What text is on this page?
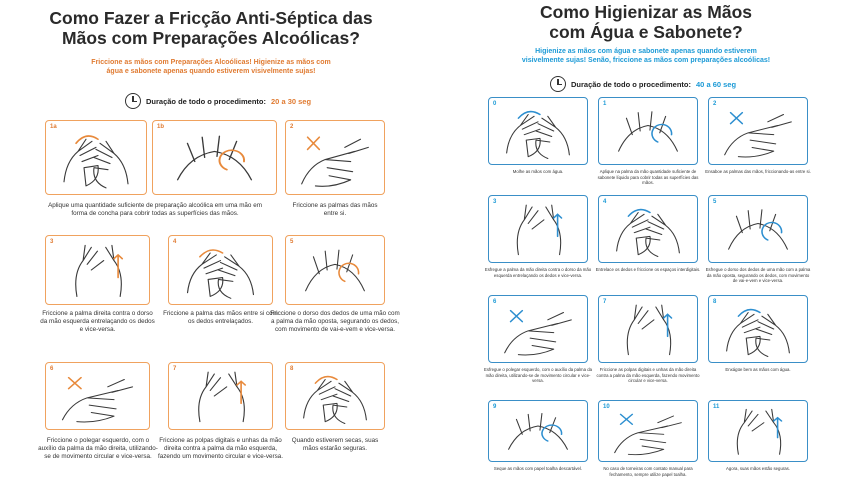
Como Fazer a Fricção Anti-Séptica das
Mãos com Preparações Alcoólicas?
Friccione as mãos com Preparações Alcoólicas! Higienize as mãos com
água e sabonete apenas quando estiverem visivelmente sujas!
Duração de todo o procedimento: 20 a 30 seg
1a	1b	2
Friccione as palmas das mãos entre si.
3
Friccione a palma direita contra o dorso da mão esquerda entrelaçando os dedos e vice-versa.
4
Friccione a palma das mãos entre si com os dedos entrelaçados.
5
Friccione o dorso dos dedos de uma mão com a palma da mão oposta, segurando os dedos, com movimento de vai-e-vem e vice-versa.
6
Friccione o polegar esquerdo, com o auxílio da palma da mão direita, utilizando-se de movimento circular e vice-versa.
7
Friccione as polpas digitais e unhas da mão direita contra a palma da mão esquerda, fazendo um movimento circular e vice-versa.
8
Quando estiverem secas, suas mãos estarão seguras.
Aplique uma quantidade suficiente de preparação alcoólica em uma mão em forma de concha para cobrir todas as superfícies das mãos.
Como Higienizar as Mãos
com Água e Sabonete?
Higienize as mãos com água e sabonete apenas quando estiverem
visivelmente sujas! Senão, friccione as mãos com preparações alcoólicas!
Duração de todo o procedimento: 40 a 60 seg
0
Molhe as mãos com água.
1
Aplique na palma da mão quantidade suficiente de sabonete líquido para cobrir todas as superfícies das mãos.
2
Ensaboe as palmas das mãos, friccionando-as entre si.
3
Esfregue a palma da mão direita contra o dorso da mão esquerda entrelaçando os dedos e vice-versa.
4
Entrelace os dedos e friccione os espaços interdigitais.
5
Esfregue o dorso dos dedos de uma mão com a palma da mão oposta, segurando os dedos, com movimento de vai-e-vem e vice-versa.
6
Esfregue o polegar esquerdo, com o auxílio da palma da mão direita, utilizando-se de movimento circular e vice-versa.
7
Friccione as polpas digitais e unhas da mão direita contra a palma da mão esquerda, fazendo movimento circular e vice-versa.
8
Enxágüe bem as mãos com água.
9
Seque as mãos com papel toalha descartável.
10
No caso de torneiras com contato manual para fechamento, sempre utilize papel toalha.
11
Agora, suas mãos estão seguras.
